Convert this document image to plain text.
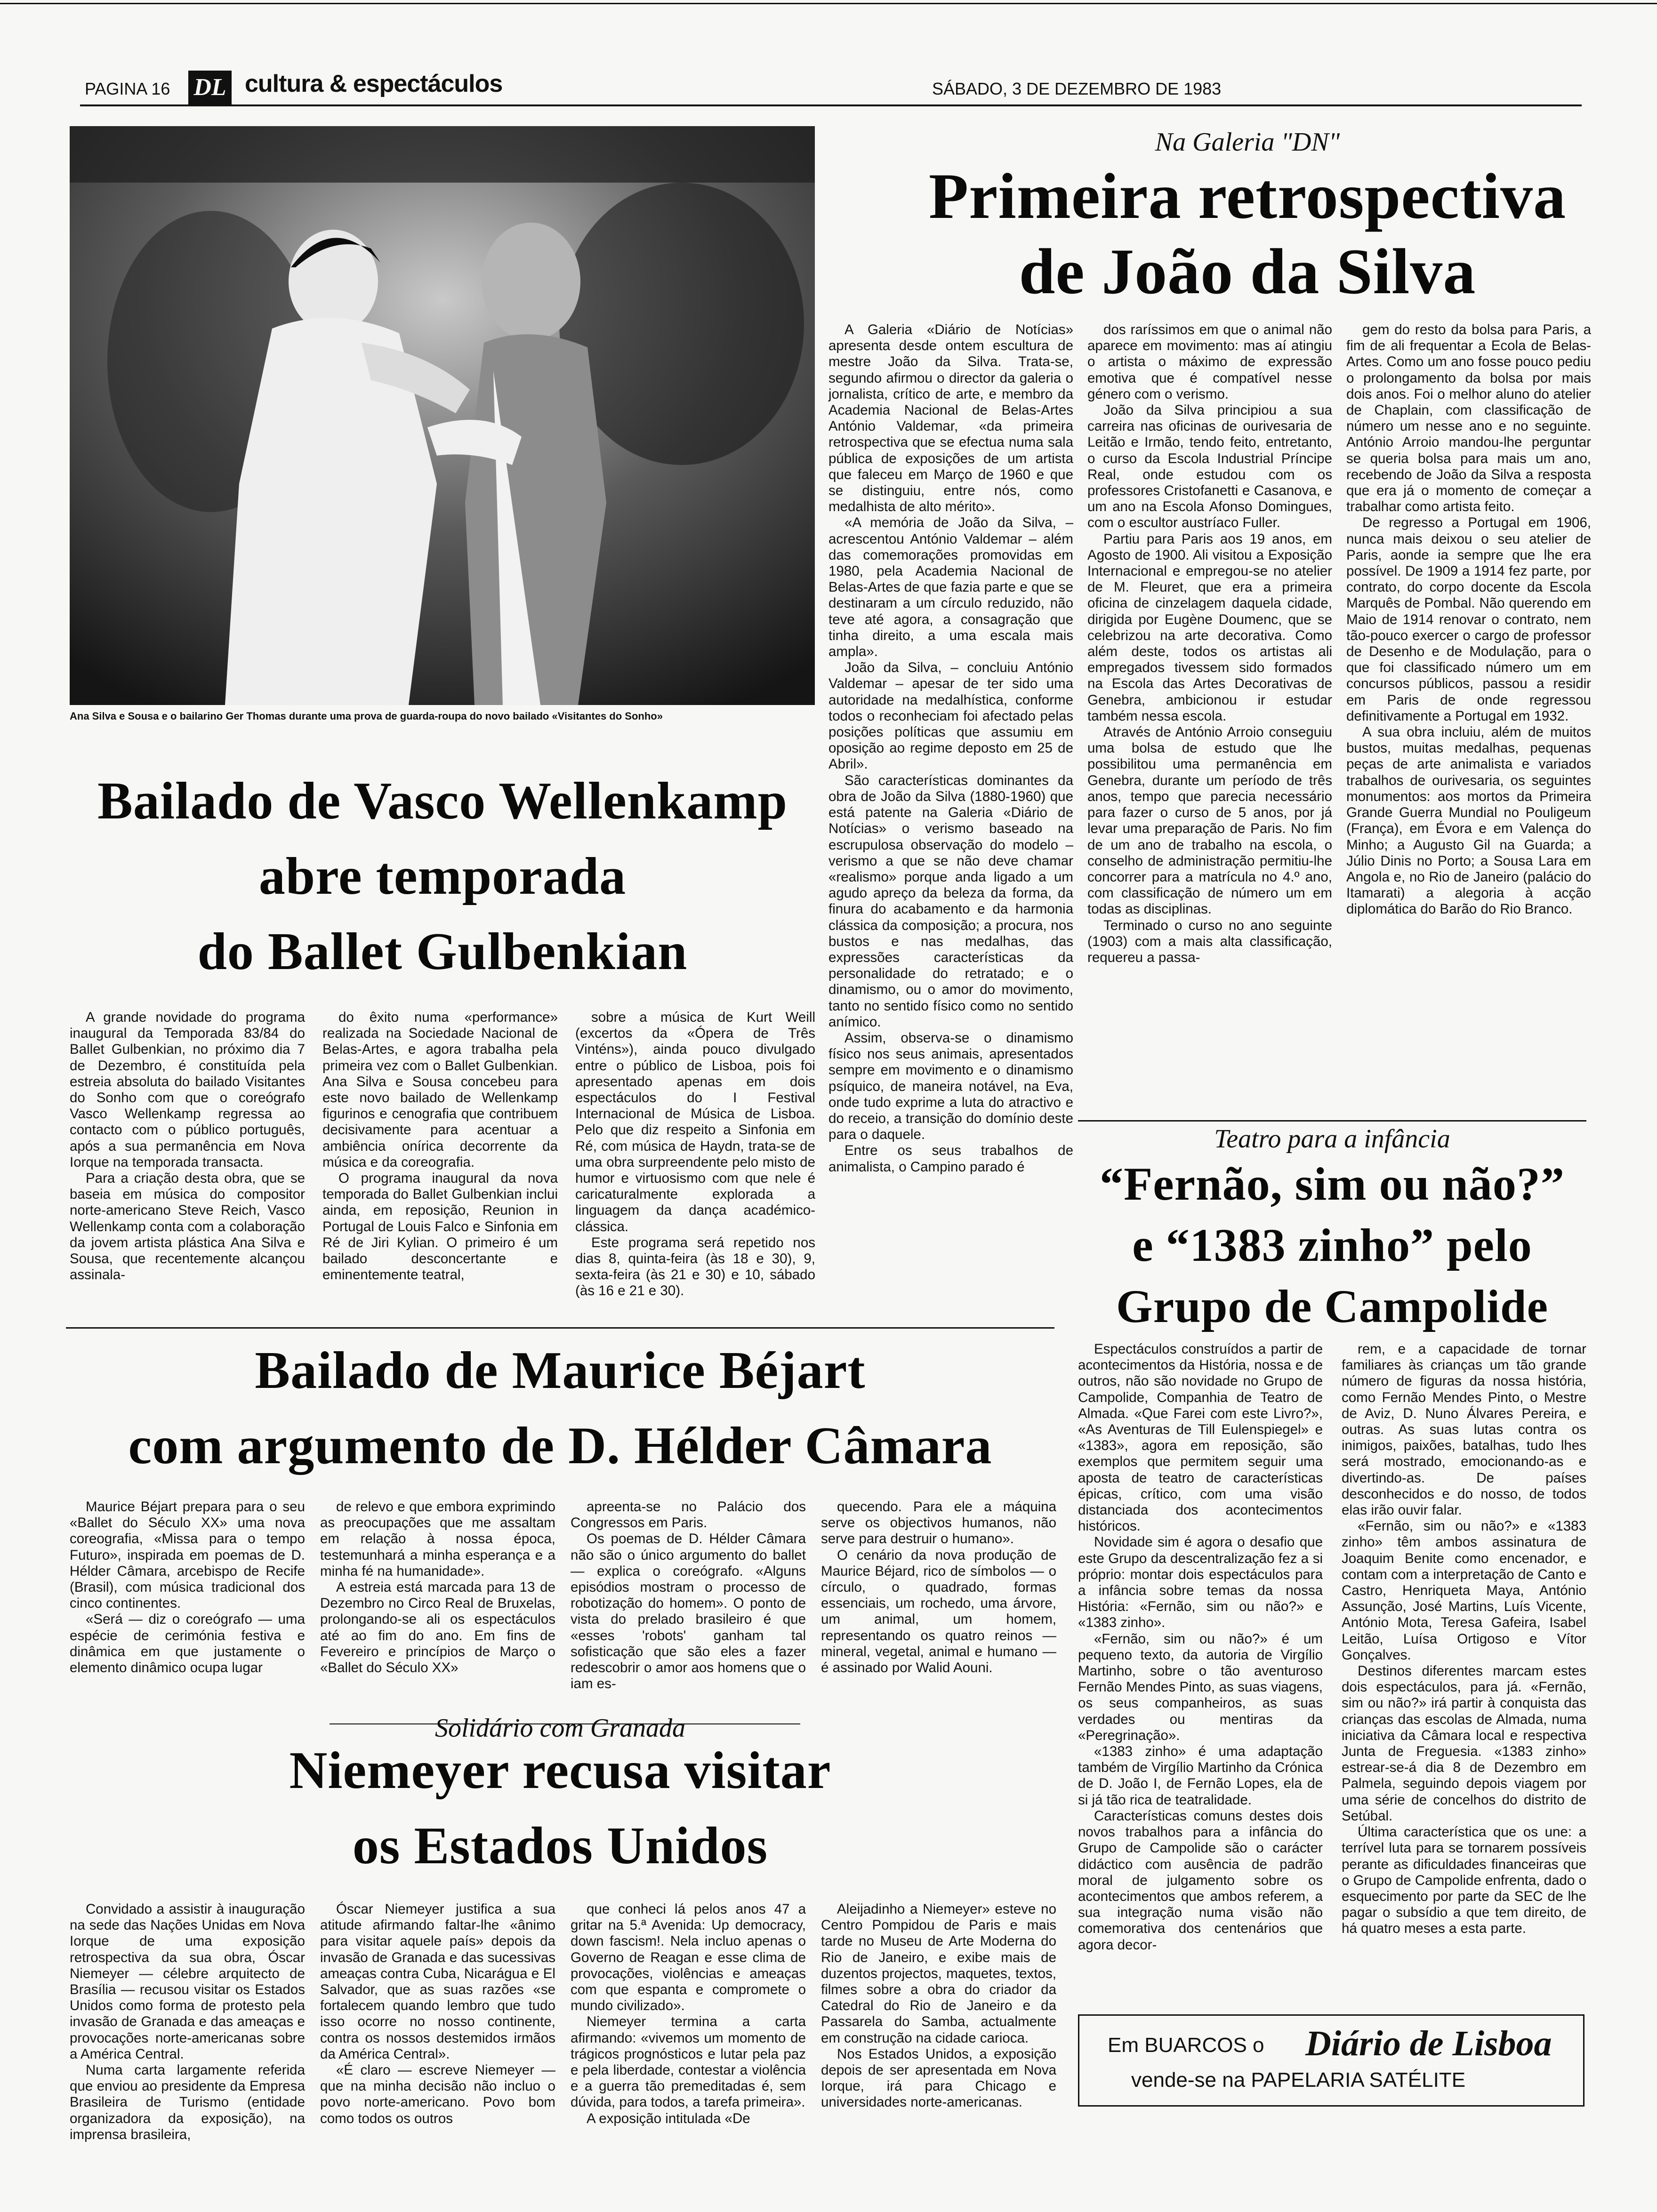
PAGINA 16 DL cultura & espectáculos	SÁBADO, 3 DE DEZEMBRO DE 1983
Ana Silva e Sousa e o bailarino Ger Thomas durante uma prova de guarda-roupa do novo bailado «Visitantes do Sonho»
Na Galeria "DN"
Primeira retrospectiva
de João da Silva

A Galeria «Diário de Notícias» apresenta desde ontem escultura de mestre João da Silva. Trata-se, segundo afirmou o director da galeria o jornalista, crítico de arte, e membro da Academia Nacional de Belas-Artes António Valdemar, «da primeira retrospectiva que se efectua numa sala pública de exposições de um artista que faleceu em Março de 1960 e que se distinguiu, entre nós, como medalhista de alto mérito».

«A memória de João da Silva, – acrescentou António Valdemar – além das comemorações promovidas em 1980, pela Academia Nacional de Belas-Artes de que fazia parte e que se destinaram a um círculo reduzido, não teve até agora, a consagração que tinha direito, a uma escala mais ampla».

João da Silva, – concluiu António Valdemar – apesar de ter sido uma autoridade na medalhística, conforme todos o reconheciam foi afectado pelas posições políticas que assumiu em oposição ao regime deposto em 25 de Abril».

São características dominantes da obra de João da Silva (1880-1960) que está patente na Galeria «Diário de Notícias» o verismo baseado na escrupulosa observação do modelo – verismo a que se não deve chamar «realismo» porque anda ligado a um agudo apreço da beleza da forma, da finura do acabamento e da harmonia clássica da composição; a procura, nos bustos e nas medalhas, das expressões características da personalidade do retratado; e o dinamismo, ou o amor do movimento, tanto no sentido físico como no sentido anímico.

Assim, observa-se o dinamismo físico nos seus animais, apresentados sempre em movimento e o dinamismo psíquico, de maneira notável, na Eva, onde tudo exprime a luta do atractivo e do receio, a transição do domínio deste para o daquele.

Entre os seus trabalhos de animalista, o Campino parado é

dos raríssimos em que o animal não aparece em movimento: mas aí atingiu o artista o máximo de expressão emotiva que é compatível nesse género com o verismo.

João da Silva principiou a sua carreira nas oficinas de ourivesaria de Leitão e Irmão, tendo feito, entretanto, o curso da Escola Industrial Príncipe Real, onde estudou com os professores Cristofanetti e Casanova, e um ano na Escola Afonso Domingues, com o escultor austríaco Fuller.

Partiu para Paris aos 19 anos, em Agosto de 1900. Ali visitou a Exposição Internacional e empregou-se no atelier de M. Fleuret, que era a primeira oficina de cinzelagem daquela cidade, dirigida por Eugène Doumenc, que se celebrizou na arte decorativa. Como além deste, todos os artistas ali empregados tivessem sido formados na Escola das Artes Decorativas de Genebra, ambicionou ir estudar também nessa escola.

Através de António Arroio conseguiu uma bolsa de estudo que lhe possibilitou uma permanência em Genebra, durante um período de três anos, tempo que parecia necessário para fazer o curso de 5 anos, por já levar uma preparação de Paris. No fim de um ano de trabalho na escola, o conselho de administração permitiu-lhe concorrer para a matrícula no 4.º ano, com classificação de número um em todas as disciplinas.

Terminado o curso no ano seguinte (1903) com a mais alta classificação, requereu a passa-

gem do resto da bolsa para Paris, a fim de ali frequentar a Ecola de Belas-Artes. Como um ano fosse pouco pediu o prolongamento da bolsa por mais dois anos. Foi o melhor aluno do atelier de Chaplain, com classificação de número um nesse ano e no seguinte. António Arroio mandou-lhe perguntar se queria bolsa para mais um ano, recebendo de João da Silva a resposta que era já o momento de começar a trabalhar como artista feito.

De regresso a Portugal em 1906, nunca mais deixou o seu atelier de Paris, aonde ia sempre que lhe era possível. De 1909 a 1914 fez parte, por contrato, do corpo docente da Escola Marquês de Pombal. Não querendo em Maio de 1914 renovar o contrato, nem tão-pouco exercer o cargo de professor de Desenho e de Modulação, para o que foi classificado número um em concursos públicos, passou a residir em Paris de onde regressou definitivamente a Portugal em 1932.

A sua obra incluiu, além de muitos bustos, muitas medalhas, pequenas peças de arte animalista e variados trabalhos de ourivesaria, os seguintes monumentos: aos mortos da Primeira Grande Guerra Mundial no Pouligeum (França), em Évora e em Valença do Minho; a Augusto Gil na Guarda; a Júlio Dinis no Porto; a Sousa Lara em Angola e, no Rio de Janeiro (palácio do Itamarati) a alegoria à acção diplomática do Barão do Rio Branco.

Bailado de Vasco Wellenkamp
abre temporada
do Ballet Gulbenkian

A grande novidade do programa inaugural da Temporada 83/84 do Ballet Gulbenkian, no próximo dia 7 de Dezembro, é constituída pela estreia absoluta do bailado Visitantes do Sonho com que o coreógrafo Vasco Wellenkamp regressa ao contacto com o público português, após a sua permanência em Nova Iorque na temporada transacta.

Para a criação desta obra, que se baseia em música do compositor norte-americano Steve Reich, Vasco Wellenkamp conta com a colaboração da jovem artista plástica Ana Silva e Sousa, que recentemente alcançou assinala-

do êxito numa «performance» realizada na Sociedade Nacional de Belas-Artes, e agora trabalha pela primeira vez com o Ballet Gulbenkian. Ana Silva e Sousa concebeu para este novo bailado de Wellenkamp figurinos e cenografia que contribuem decisivamente para acentuar a ambiência onírica decorrente da música e da coreografia.

O programa inaugural da nova temporada do Ballet Gulbenkian inclui ainda, em reposição, Reunion in Portugal de Louis Falco e Sinfonia em Ré de Jiri Kylian. O primeiro é um bailado desconcertante e eminentemente teatral,

sobre a música de Kurt Weill (excertos da «Ópera de Três Vinténs»), ainda pouco divulgado entre o público de Lisboa, pois foi apresentado apenas em dois espectáculos do I Festival Internacional de Música de Lisboa. Pelo que diz respeito a Sinfonia em Ré, com música de Haydn, trata-se de uma obra surpreendente pelo misto de humor e virtuosismo com que nele é caricaturalmente explorada a linguagem da dança académico-clássica.

Este programa será repetido nos dias 8, quinta-feira (às 18 e 30), 9, sexta-feira (às 21 e 30) e 10, sábado (às 16 e 21 e 30).

Teatro para a infância
“Fernão, sim ou não?”
e “1383 zinho” pelo
Grupo de Campolide

Espectáculos construídos a partir de acontecimentos da História, nossa e de outros, não são novidade no Grupo de Campolide, Companhia de Teatro de Almada. «Que Farei com este Livro?», «As Aventuras de Till Eulenspiegel» e «1383», agora em reposição, são exemplos que permitem seguir uma aposta de teatro de características épicas, crítico, com uma visão distanciada dos acontecimentos históricos.

Novidade sim é agora o desafio que este Grupo da descentralização fez a si próprio: montar dois espectáculos para a infância sobre temas da nossa História: «Fernão, sim ou não?» e «1383 zinho».

«Fernão, sim ou não?» é um pequeno texto, da autoria de Virgílio Martinho, sobre o tão aventuroso Fernão Mendes Pinto, as suas viagens, os seus companheiros, as suas verdades ou mentiras da «Peregrinação».

«1383 zinho» é uma adaptação também de Virgílio Martinho da Crónica de D. João I, de Fernão Lopes, ela de si já tão rica de teatralidade.

Características comuns destes dois novos trabalhos para a infância do Grupo de Campolide são o carácter didáctico com ausência de padrão moral de julgamento sobre os acontecimentos que ambos referem, a sua integração numa visão não comemorativa dos centenários que agora decor-

rem, e a capacidade de tornar familiares às crianças um tão grande número de figuras da nossa história, como Fernão Mendes Pinto, o Mestre de Aviz, D. Nuno Álvares Pereira, e outras. As suas lutas contra os inimigos, paixões, batalhas, tudo lhes será mostrado, emocionando-as e divertindo-as. De países desconhecidos e do nosso, de todos elas irão ouvir falar.

«Fernão, sim ou não?» e «1383 zinho» têm ambos assinatura de Joaquim Benite como encenador, e contam com a interpretação de Canto e Castro, Henriqueta Maya, António Assunção, José Martins, Luís Vicente, António Mota, Teresa Gafeira, Isabel Leitão, Luísa Ortigoso e Vítor Gonçalves.

Destinos diferentes marcam estes dois espectáculos, para já. «Fernão, sim ou não?» irá partir à conquista das crianças das escolas de Almada, numa iniciativa da Câmara local e respectiva Junta de Freguesia. «1383 zinho» estrear-se-á dia 8 de Dezembro em Palmela, seguindo depois viagem por uma série de concelhos do distrito de Setúbal.

Última característica que os une: a terrível luta para se tornarem possíveis perante as dificuldades financeiras que o Grupo de Campolide enfrenta, dado o esquecimento por parte da SEC de lhe pagar o subsídio a que tem direito, de há quatro meses a esta parte.

Bailado de Maurice Béjart
com argumento de D. Hélder Câmara

Maurice Béjart prepara para o seu «Ballet do Século XX» uma nova coreografia, «Missa para o tempo Futuro», inspirada em poemas de D. Hélder Câmara, arcebispo de Recife (Brasil), com música tradicional dos cinco continentes.

«Será — diz o coreógrafo — uma espécie de cerimónia festiva e dinâmica em que justamente o elemento dinâmico ocupa lugar

de relevo e que embora exprimindo as preocupações que me assaltam em relação à nossa época, testemunhará a minha esperança e a minha fé na humanidade».

A estreia está marcada para 13 de Dezembro no Circo Real de Bruxelas, prolongando-se ali os espectáculos até ao fim do ano. Em fins de Fevereiro e princípios de Março o «Ballet do Século XX»

apreenta-se no Palácio dos Congressos em Paris.

Os poemas de D. Hélder Câmara não são o único argumento do ballet — explica o coreógrafo. «Alguns episódios mostram o processo de robotização do homem». O ponto de vista do prelado brasileiro é que «esses 'robots' ganham tal sofisticação que são eles a fazer redescobrir o amor aos homens que o iam es-

quecendo. Para ele a máquina serve os objectivos humanos, não serve para destruir o humano».

O cenário da nova produção de Maurice Béjard, rico de símbolos — o círculo, o quadrado, formas essenciais, um rochedo, uma árvore, um animal, um homem, representando os quatro reinos — mineral, vegetal, animal e humano — é assinado por Walid Aouni.

Solidário com Granada
Niemeyer recusa visitar
os Estados Unidos

Convidado a assistir à inauguração na sede das Nações Unidas em Nova Iorque de uma exposição retrospectiva da sua obra, Óscar Niemeyer — célebre arquitecto de Brasília — recusou visitar os Estados Unidos como forma de protesto pela invasão de Granada e das ameaças e provocações norte-americanas sobre a América Central.

Numa carta largamente referida que enviou ao presidente da Empresa Brasileira de Turismo (entidade organizadora da exposição), na imprensa brasileira,

Óscar Niemeyer justifica a sua atitude afirmando faltar-lhe «ânimo para visitar aquele país» depois da invasão de Granada e das sucessivas ameaças contra Cuba, Nicarágua e El Salvador, que as suas razões «se fortalecem quando lembro que tudo isso ocorre no nosso continente, contra os nossos destemidos irmãos da América Central».

«É claro — escreve Niemeyer — que na minha decisão não incluo o povo norte-americano. Povo bom como todos os outros

que conheci lá pelos anos 47 a gritar na 5.ª Avenida: Up democracy, down fascism!. Nela incluo apenas o Governo de Reagan e esse clima de provocações, violências e ameaças com que espanta e compromete o mundo civilizado».

Niemeyer termina a carta afirmando: «vivemos um momento de trágicos prognósticos e lutar pela paz e pela liberdade, contestar a violência e a guerra tão premeditadas é, sem dúvida, para todos, a tarefa primeira».

A exposição intitulada «De

Aleijadinho a Niemeyer» esteve no Centro Pompidou de Paris e mais tarde no Museu de Arte Moderna do Rio de Janeiro, e exibe mais de duzentos projectos, maquetes, textos, filmes sobre a obra do criador da Catedral do Rio de Janeiro e da Passarela do Samba, actualmente em construção na cidade carioca.

Nos Estados Unidos, a exposição depois de ser apresentada em Nova Iorque, irá para Chicago e universidades norte-americanas.

Em BUARCOS o Diário de Lisboa
vende-se na PAPELARIA SATÉLITE
